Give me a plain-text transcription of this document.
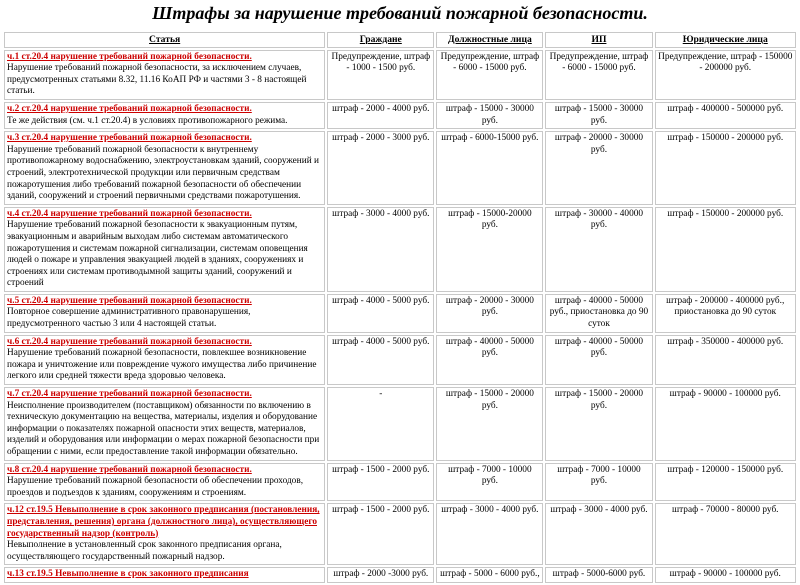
Штрафы за нарушение требований пожарной безопасности.
Статья	Граждане	Должностные лица	ИП	Юридические лица

ч.1 ст.20.4 нарушение требований пожарной безопасности.
Нарушение требований пожарной безопасности, за исключением случаев, предусмотренных статьями 8.32, 11.16 КоАП РФ и частями 3 - 8 настоящей статьи.	Предупреждение, штраф - 1000 - 1500 руб.	Предупреждение, штраф - 6000 - 15000 руб.	Предупреждение, штраф - 6000 - 15000 руб.	Предупреждение, штраф - 150000 - 200000 руб.

ч.2 ст.20.4 нарушение требований пожарной безопасности.
Те же действия (см. ч.1 ст.20.4) в условиях противопожарного режима.	штраф - 2000 - 4000 руб.	штраф - 15000 - 30000 руб.	штраф - 15000 - 30000 руб.	штраф - 400000 - 500000 руб.

ч.3 ст.20.4 нарушение требований пожарной безопасности.
Нарушение требований пожарной безопасности к внутреннему противопожарному водоснабжению, электроустановкам зданий, сооружений и строений, электротехнической продукции или первичным средствам пожаротушения либо требований пожарной безопасности об обеспечении зданий, сооружений и строений первичными средствами пожаротушения.	штраф - 2000 - 3000 руб.	штраф - 6000-15000 руб.	штраф - 20000 - 30000 руб.	штраф - 150000 - 200000 руб.

ч.4 ст.20.4 нарушение требований пожарной безопасности.
Нарушение требований пожарной безопасности к эвакуационным путям, эвакуационным и аварийным выходам либо системам автоматического пожаротушения и системам пожарной сигнализации, системам оповещения людей о пожаре и управления эвакуацией людей в зданиях, сооружениях и строениях или системам противодымной защиты зданий, сооружений и строений	штраф - 3000 - 4000 руб.	штраф - 15000-20000 руб.	штраф - 30000 - 40000 руб.	штраф - 150000 - 200000 руб.

ч.5 ст.20.4 нарушение требований пожарной безопасности.
Повторное совершение административного правонарушения, предусмотренного частью 3 или 4 настоящей статьи.	штраф - 4000 - 5000 руб.	штраф - 20000 - 30000 руб.	штраф - 40000 - 50000 руб., приостановка до 90 суток	штраф - 200000 - 400000 руб., приостановка до 90 суток

ч.6 ст.20.4 нарушение требований пожарной безопасности.
Нарушение требований пожарной безопасности, повлекшее возникновение пожара и уничтожение или повреждение чужого имущества либо причинение легкого или средней тяжести вреда здоровью человека.	штраф - 4000 - 5000 руб.	штраф - 40000 - 50000 руб.	штраф - 40000 - 50000 руб.	штраф - 350000 - 400000 руб.

ч.7 ст.20.4 нарушение требований пожарной безопасности.
Неисполнение производителем (поставщиком) обязанности по включению в техническую документацию на вещества, материалы, изделия и оборудование информации о показателях пожарной опасности этих веществ, материалов, изделий и оборудования или информации о мерах пожарной безопасности при обращении с ними, если предоставление такой информации обязательно.	-	штраф - 15000 - 20000 руб.	штраф - 15000 - 20000 руб.	штраф - 90000 - 100000 руб.

ч.8 ст.20.4 нарушение требований пожарной безопасности.
Нарушение требований пожарной безопасности об обеспечении проходов, проездов и подъездов к зданиям, сооружениям и строениям.	штраф - 1500 - 2000 руб.	штраф - 7000 - 10000 руб.	штраф - 7000 - 10000 руб.	штраф - 120000 - 150000 руб.

ч.12 ст.19.5 Невыполнение в срок законного предписания (постановления, представления, решения) органа (должностного лица), осуществляющего государственный надзор (контроль)
Невыполнение в установленный срок законного предписания органа, осуществляющего государственный пожарный надзор.	штраф - 1500 - 2000 руб.	штраф - 3000 - 4000 руб.	штраф - 3000 - 4000 руб.	штраф - 70000 - 80000 руб.

ч.13 ст.19.5 Невыполнение в срок законного предписания	штраф - 2000 -3000 руб.	штраф - 5000 - 6000 руб.,	штраф - 5000-6000 руб.	штраф - 90000 - 100000 руб.
